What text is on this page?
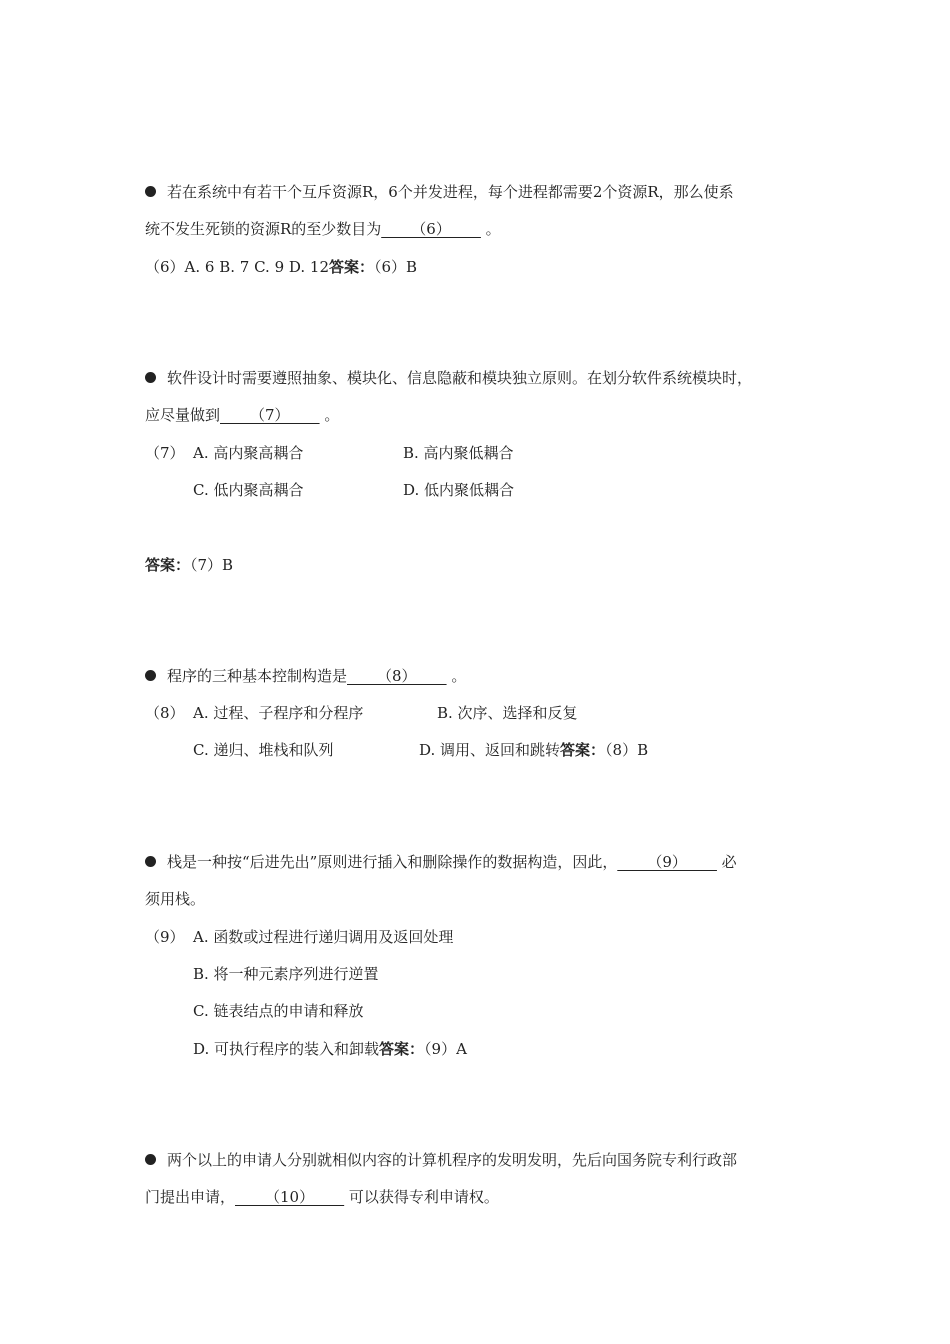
若在系统中有若干个互斥资源R，6个并发进程，每个进程都需要2个资源R，那么使系
统不发生死锁的资源R的至少数目为____（6）____ 。
（6）A. 6 B. 7 C. 9 D. 12答案：（6）B
软件设计时需要遵照抽象、模块化、信息隐蔽和模块独立原则。在划分软件系统模块时，
应尽量做到____（7）____ 。
（7） A. 高内聚高耦合	B. 高内聚低耦合
C. 低内聚高耦合	D. 低内聚低耦合
答案：（7）B
程序的三种基本控制构造是____（8）____ 。
（8） A. 过程、子程序和分程序	B. 次序、选择和反复
C. 递归、堆栈和队列	D. 调用、返回和跳转答案：（8）B
栈是一种按“后进先出”原则进行插入和删除操作的数据构造，因此，____（9）____ 必
须用栈。
（9） A. 函数或过程进行递归调用及返回处理
B. 将一种元素序列进行逆置
C. 链表结点的申请和释放
D. 可执行程序的装入和卸载答案：（9）A
两个以上的申请人分别就相似内容的计算机程序的发明发明，先后向国务院专利行政部
门提出申请，____（10）____ 可以获得专利申请权。
